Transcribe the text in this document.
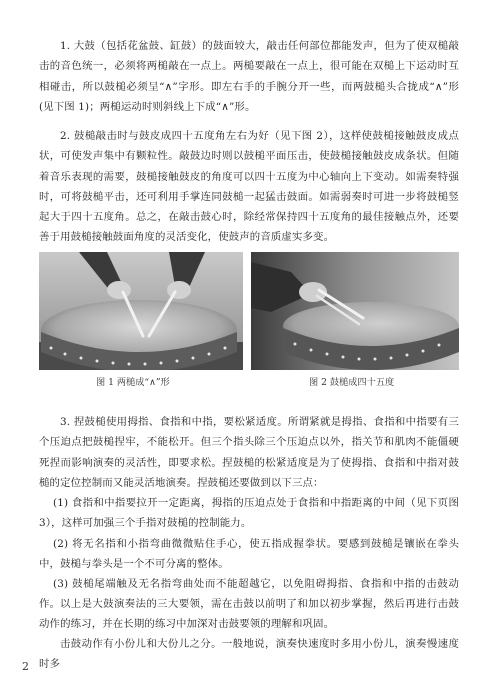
1. 大鼓（包括花盆鼓、缸鼓）的鼓面较大，敲击任何部位都能发声，但为了使双槌敲击的音色统一，必须将两槌敲在一点上。两槌要敲在一点上，很可能在双槌上下运动时互相碰击，所以鼓槌必须呈“∧”字形。即左右手的手腕分开一些，而两鼓槌头合拢成“∧”形(见下图 1)；两槌运动时则斜线上下成“∧”形。

2. 鼓槌敲击时与鼓皮成四十五度角左右为好（见下图 2），这样使鼓槌接触鼓皮成点状，可使发声集中有颗粒性。敲鼓边时则以鼓槌平面压击，使鼓槌接触鼓皮成条状。但随着音乐表现的需要，鼓槌接触鼓皮的角度可以四十五度为中心轴向上下变动。如需奏特强时，可将鼓槌平击，还可利用手掌连同鼓槌一起猛击鼓面。如需弱奏时可进一步将鼓槌竖起大于四十五度角。总之，在敲击鼓心时，除经常保持四十五度角的最佳接触点外，还要善于用鼓槌接触鼓面角度的灵活变化，使鼓声的音质虚实多变。

图 1 两槌成“∧”形	图 2 鼓槌成四十五度

3. 捏鼓槌使用拇指、食指和中指，要松紧适度。所谓紧就是拇指、食指和中指要有三个压迫点把鼓槌捏牢，不能松开。但三个指头除三个压迫点以外，指关节和肌肉不能僵硬死捏而影响演奏的灵活性，即要求松。捏鼓槌的松紧适度是为了使拇指、食指和中指对鼓槌的定位控制而又能灵活地演奏。捏鼓槌还要做到以下三点：

(1) 食指和中指要拉开一定距离，拇指的压迫点处于食指和中指距离的中间（见下页图 3），这样可加强三个手指对鼓槌的控制能力。

(2) 将无名指和小指弯曲微微贴住手心，使五指成握拳状。要感到鼓槌是镶嵌在拳头中，鼓槌与拳头是一个不可分离的整体。

(3) 鼓槌尾端触及无名指弯曲处而不能超越它，以免阻碍拇指、食指和中指的击鼓动作。 以上是大鼓演奏法的三大要领，需在击鼓以前明了和加以初步掌握，然后再进行击鼓动作的练习，并在长期的练习中加深对击鼓要领的理解和巩固。

击鼓动作有小份儿和大份儿之分。一般地说，演奏快速度时多用小份儿，演奏慢速度时多

2
